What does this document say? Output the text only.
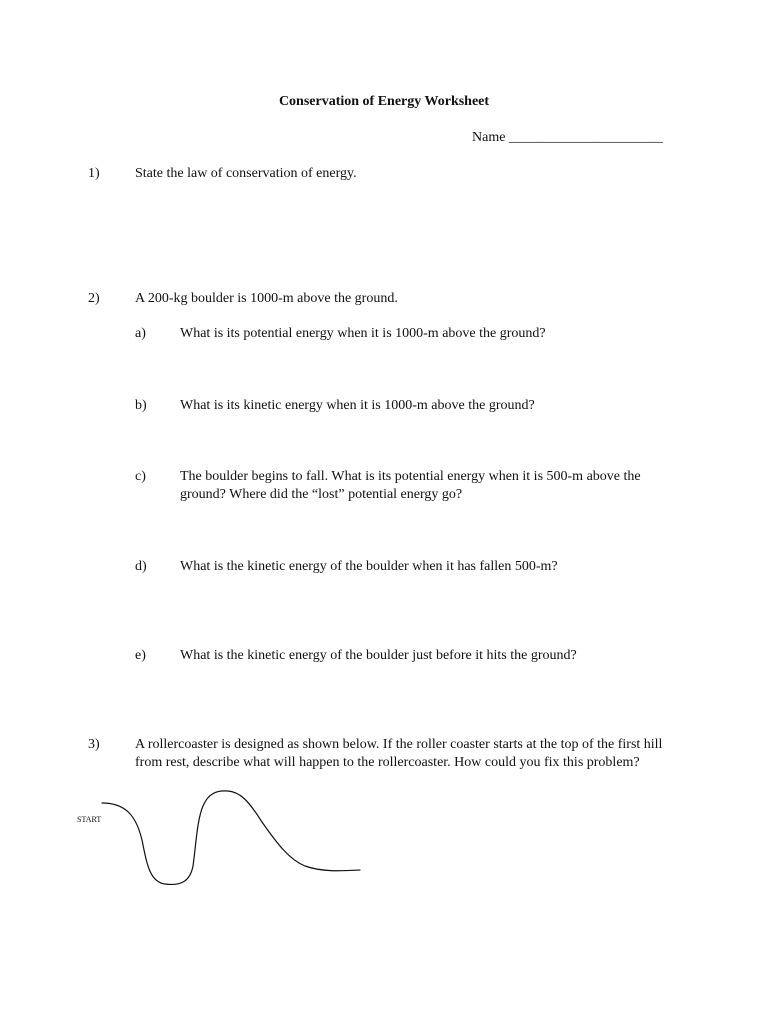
Conservation of Energy Worksheet
Name ______________________
1)	State the law of conservation of energy.
2)	A 200-kg boulder is 1000-m above the ground.
a) What is its potential energy when it is 1000-m above the ground?
b) What is its kinetic energy when it is 1000-m above the ground?
c) The boulder begins to fall. What is its potential energy when it is 500-m above the ground? Where did the “lost” potential energy go?
d) What is the kinetic energy of the boulder when it has fallen 500-m?
e) What is the kinetic energy of the boulder just before it hits the ground?
3)	A rollercoaster is designed as shown below. If the roller coaster starts at the top of the first hill from rest, describe what will happen to the rollercoaster. How could you fix this problem?
START
